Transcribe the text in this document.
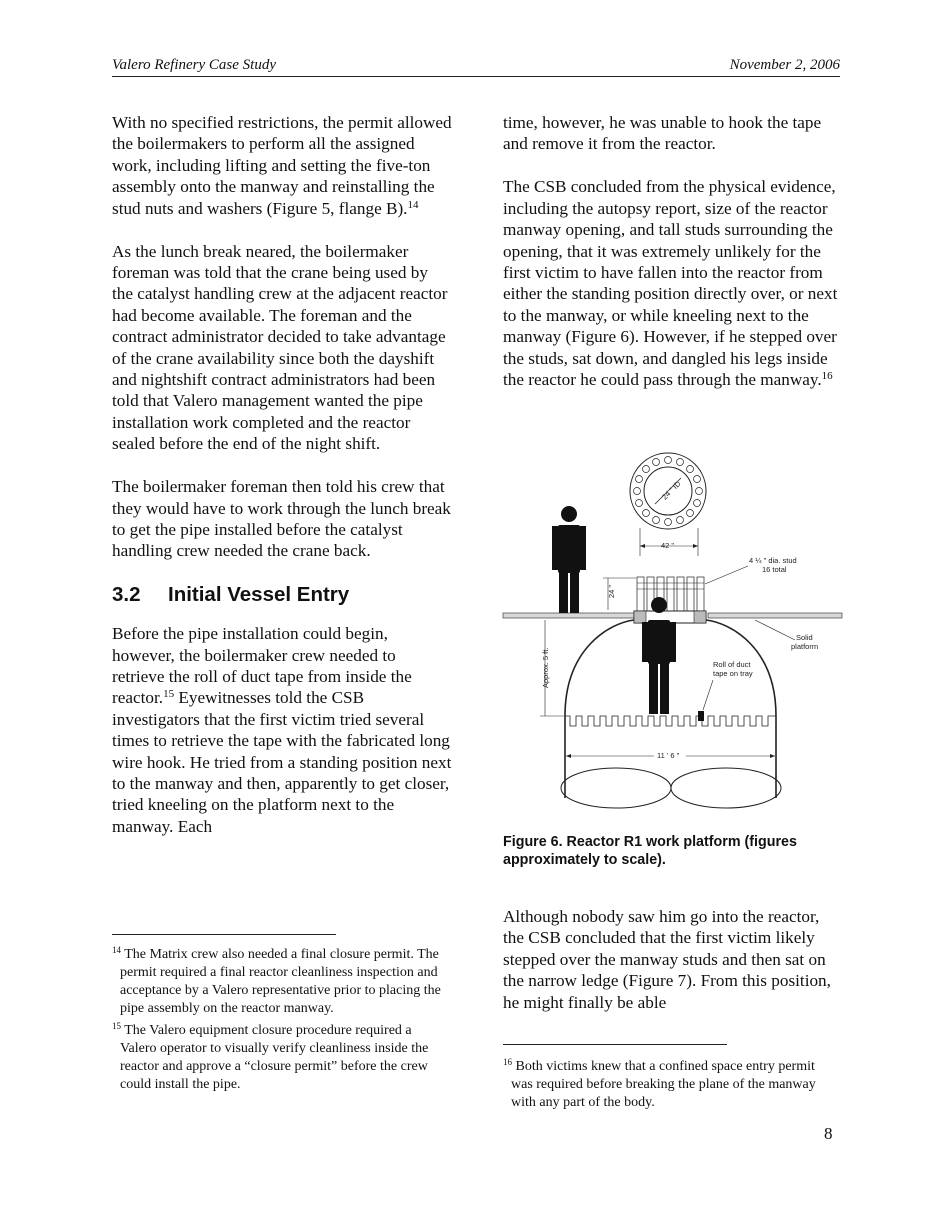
Valero Refinery Case Study	November 2, 2006

With no specified restrictions, the permit allowed the boilermakers to perform all the assigned work, including lifting and setting the five-ton assembly onto the manway and reinstalling the stud nuts and washers (Figure 5, flange B).$^{14}$

As the lunch break neared, the boilermaker foreman was told that the crane being used by the catalyst handling crew at the adjacent reactor had become available. The foreman and the contract administrator decided to take advantage of the crane availability since both the dayshift and nightshift contract administrators had been told that Valero management wanted the pipe installation work completed and the reactor sealed before the end of the night shift.

The boilermaker foreman then told his crew that they would have to work through the lunch break to get the pipe installed before the catalyst handling crew needed the crane back.

3.2 Initial Vessel Entry

Before the pipe installation could begin, however, the boilermaker crew needed to retrieve the roll of duct tape from inside the reactor.$^{15}$ Eyewitnesses told the CSB investigators that the first victim tried several times to retrieve the tape with the fabricated long wire hook. He tried from a standing position next to the manway and then, apparently to get closer, tried kneeling on the platform next to the manway. Each

time, however, he was unable to hook the tape and remove it from the reactor.

The CSB concluded from the physical evidence, including the autopsy report, size of the reactor manway opening, and tall studs surrounding the opening, that it was extremely unlikely for the first victim to have fallen into the reactor from either the standing position directly over, or next to the manway, or while kneeling next to the manway (Figure 6). However, if he stepped over the studs, sat down, and dangled his legs inside the reactor he could pass through the manway.$^{16}$

24 " ID
42 "
24 "
4 ¼ " dia. stud
16 total
Solid
platform
Roll of duct
tape on tray
Approx. 5 ft.
11 ' 6 "
Figure 6. Reactor R1 work platform (figures approximately to scale).

Although nobody saw him go into the reactor, the CSB concluded that the first victim likely stepped over the manway studs and then sat on the narrow ledge (Figure 7). From this position, he might finally be able

$^{14}$ The Matrix crew also needed a final closure permit. The permit required a final reactor cleanliness inspection and acceptance by a Valero representative prior to placing the pipe assembly on the reactor manway.
$^{15}$ The Valero equipment closure procedure required a Valero operator to visually verify cleanliness inside the reactor and approve a “closure permit” before the crew could install the pipe.
$^{16}$ Both victims knew that a confined space entry permit was required before breaking the plane of the manway with any part of the body.
8
